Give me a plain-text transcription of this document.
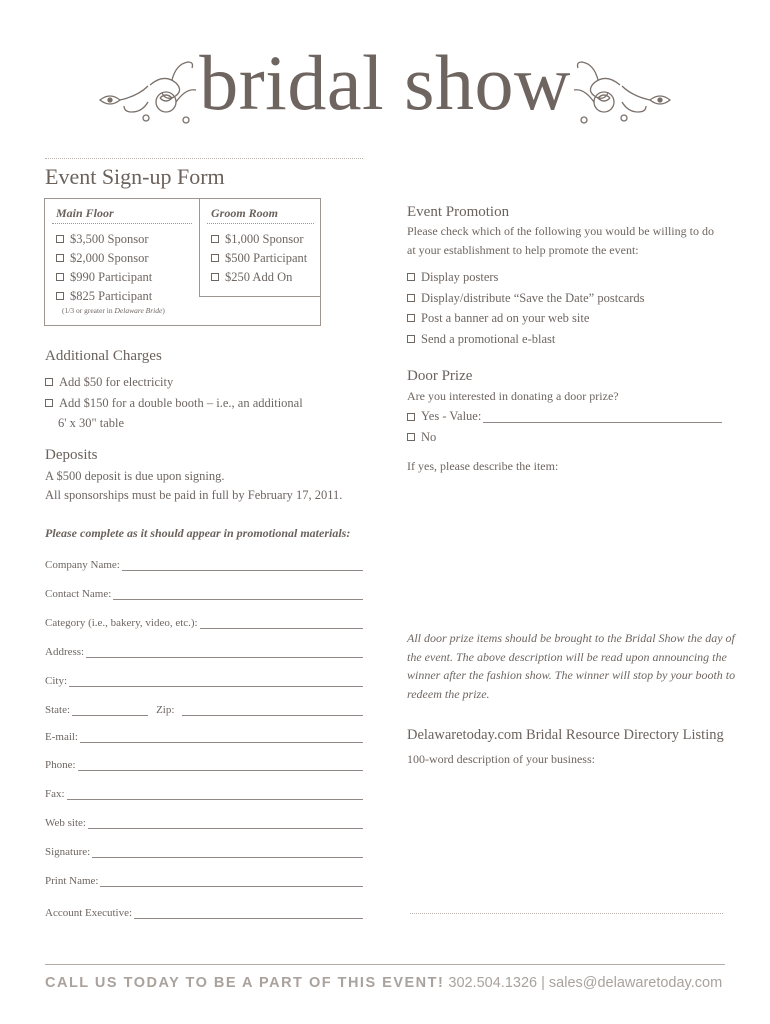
bridal show
Event Sign-up Form
Main Floor	Groom Room
$3,500 Sponsor
$2,000 Sponsor
$990 Participant
$825 Participant
(1/3 or greater in Delaware Bride)
$1,000 Sponsor
$500 Participant
$250 Add On
Additional Charges
Add $50 for electricity
Add $150 for a double booth – i.e., an additional
6' x 30" table
Deposits
A $500 deposit is due upon signing.
All sponsorships must be paid in full by February 17, 2011.
Please complete as it should appear in promotional materials:
Company Name:
Contact Name:
Category (i.e., bakery, video, etc.):
Address:
City:
State:	Zip:
E-mail:
Phone:
Fax:
Web site:
Signature:
Print Name:
Account Executive:
Event Promotion
Please check which of the following you would be willing to do
at your establishment to help promote the event:
Display posters
Display/distribute “Save the Date” postcards
Post a banner ad on your web site
Send a promotional e-blast
Door Prize
Are you interested in donating a door prize?
Yes - Value:
No
If yes, please describe the item:
All door prize items should be brought to the Bridal Show the day of
the event. The above description will be read upon announcing the
winner after the fashion show. The winner will stop by your booth to
redeem the prize.
Delawaretoday.com Bridal Resource Directory Listing
100-word description of your business:
CALL US TODAY TO BE A PART OF THIS EVENT! 302.504.1326 | sales@delawaretoday.com
